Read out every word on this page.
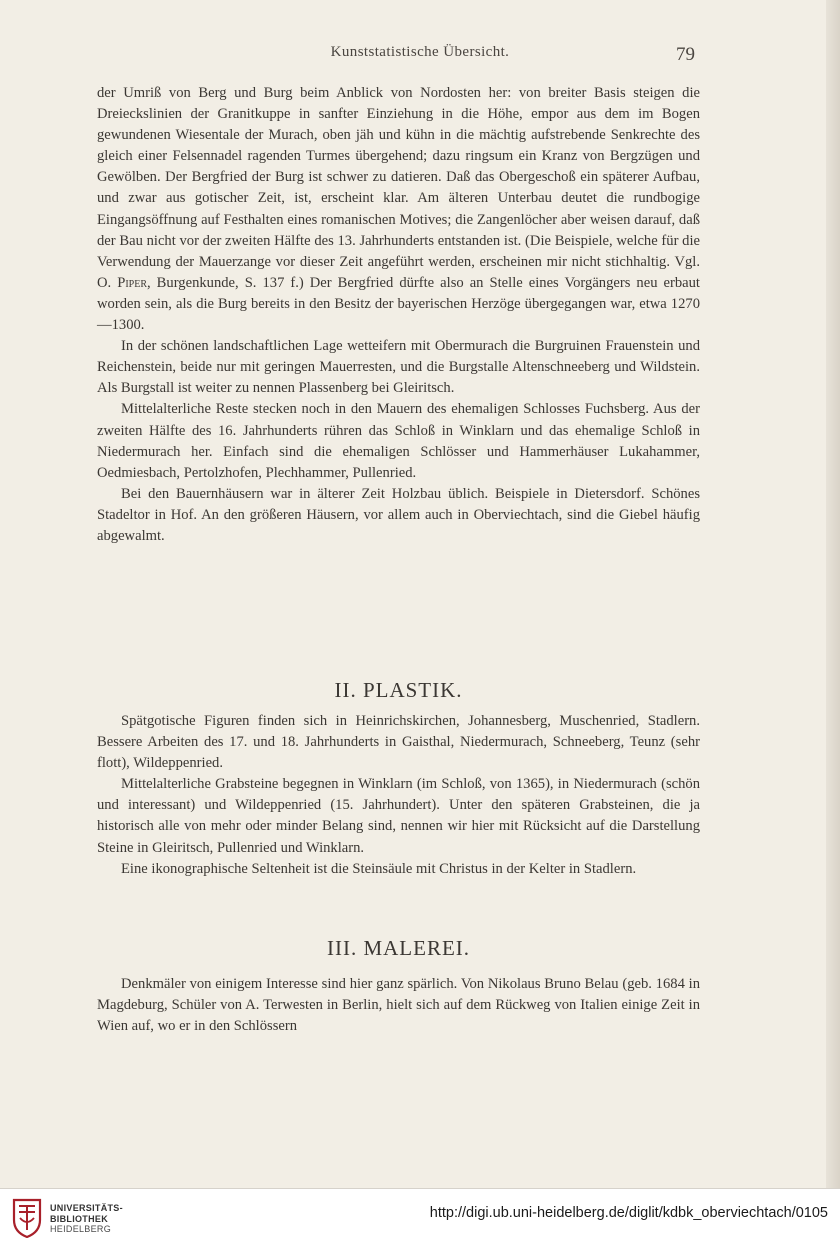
Kunststatistische Übersicht.	79

der Umriß von Berg und Burg beim Anblick von Nordosten her: von breiter Basis steigen die Dreieckslinien der Granitkuppe in sanfter Einziehung in die Höhe, empor aus dem im Bogen gewundenen Wiesentale der Murach, oben jäh und kühn in die mächtig aufstrebende Senkrechte des gleich einer Felsennadel ragenden Turmes übergehend; dazu ringsum ein Kranz von Bergzügen und Gewölben. Der Bergfried der Burg ist schwer zu datieren. Daß das Obergeschoß ein späterer Aufbau, und zwar aus gotischer Zeit, ist, erscheint klar. Am älteren Unterbau deutet die rundbogige Eingangsöffnung auf Festhalten eines romanischen Motives; die Zangenlöcher aber weisen darauf, daß der Bau nicht vor der zweiten Hälfte des 13. Jahrhunderts entstanden ist. (Die Beispiele, welche für die Verwendung der Mauerzange vor dieser Zeit angeführt werden, erscheinen mir nicht stichhaltig. Vgl. O. Piper, Burgenkunde, S. 137 f.) Der Bergfried dürfte also an Stelle eines Vorgängers neu erbaut worden sein, als die Burg bereits in den Besitz der bayerischen Herzöge übergegangen war, etwa 1270—1300.

In der schönen landschaftlichen Lage wetteifern mit Obermurach die Burgruinen Frauenstein und Reichenstein, beide nur mit geringen Mauerresten, und die Burgstalle Altenschneeberg und Wildstein. Als Burgstall ist weiter zu nennen Plassenberg bei Gleiritsch.

Mittelalterliche Reste stecken noch in den Mauern des ehemaligen Schlosses Fuchsberg. Aus der zweiten Hälfte des 16. Jahrhunderts rühren das Schloß in Winklarn und das ehemalige Schloß in Niedermurach her. Einfach sind die ehemaligen Schlösser und Hammerhäuser Lukahammer, Oedmiesbach, Pertolzhofen, Plechhammer, Pullenried.

Bei den Bauernhäusern war in älterer Zeit Holzbau üblich. Beispiele in Dietersdorf. Schönes Stadeltor in Hof. An den größeren Häusern, vor allem auch in Oberviechtach, sind die Giebel häufig abgewalmt.

II. PLASTIK.

Spätgotische Figuren finden sich in Heinrichskirchen, Johannesberg, Muschenried, Stadlern. Bessere Arbeiten des 17. und 18. Jahrhunderts in Gaisthal, Niedermurach, Schneeberg, Teunz (sehr flott), Wildeppenried.

Mittelalterliche Grabsteine begegnen in Winklarn (im Schloß, von 1365), in Niedermurach (schön und interessant) und Wildeppenried (15. Jahrhundert). Unter den späteren Grabsteinen, die ja historisch alle von mehr oder minder Belang sind, nennen wir hier mit Rücksicht auf die Darstellung Steine in Gleiritsch, Pullenried und Winklarn.

Eine ikonographische Seltenheit ist die Steinsäule mit Christus in der Kelter in Stadlern.

III. MALEREI.

Denkmäler von einigem Interesse sind hier ganz spärlich. Von Nikolaus Bruno Belau (geb. 1684 in Magdeburg, Schüler von A. Terwesten in Berlin, hielt sich auf dem Rückweg von Italien einige Zeit in Wien auf, wo er in den Schlössern

UNIVERSITÄTS-
BIBLIOTHEK
HEIDELBERG
http://digi.ub.uni-heidelberg.de/diglit/kdbk_oberviechtach/0105
